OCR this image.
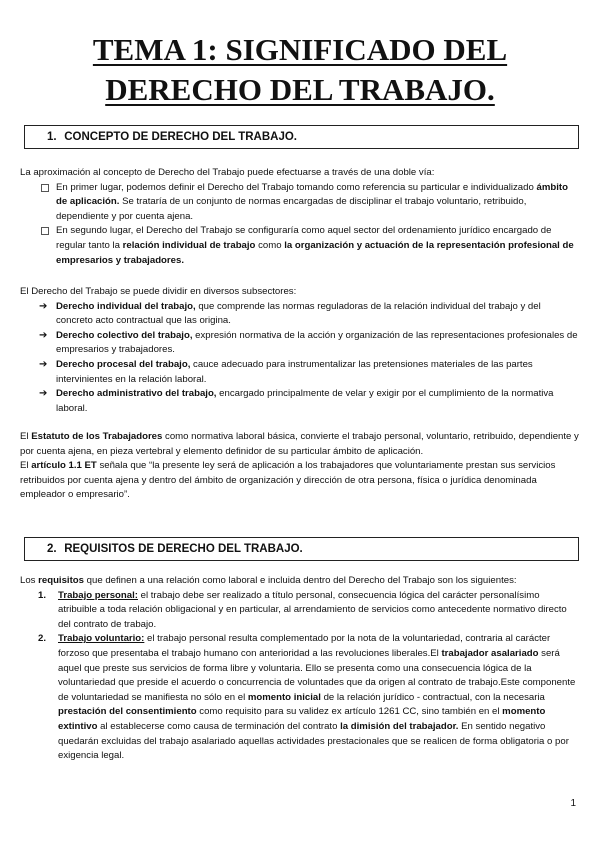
TEMA 1: SIGNIFICADO DEL
DERECHO DEL TRABAJO.
1. CONCEPTO DE DERECHO DEL TRABAJO.

La aproximación al concepto de Derecho del Trabajo puede efectuarse a través de una doble vía:

En primer lugar, podemos definir el Derecho del Trabajo tomando como referencia su particular e individualizado ámbito de aplicación. Se trataría de un conjunto de normas encargadas de disciplinar el trabajo voluntario, retribuido, dependiente y por cuenta ajena.

En segundo lugar, el Derecho del Trabajo se configuraría como aquel sector del ordenamiento jurídico encargado de regular tanto la relación individual de trabajo como la organización y actuación de la representación profesional de empresarios y trabajadores.

El Derecho del Trabajo se puede dividir en diversos subsectores:

➔ Derecho individual del trabajo, que comprende las normas reguladoras de la relación individual del trabajo y del concreto acto contractual que las origina.

➔ Derecho colectivo del trabajo, expresión normativa de la acción y organización de las representaciones profesionales de empresarios y trabajadores.

➔ Derecho procesal del trabajo, cauce adecuado para instrumentalizar las pretensiones materiales de las partes intervinientes en la relación laboral.

➔ Derecho administrativo del trabajo, encargado principalmente de velar y exigir por el cumplimiento de la normativa laboral.

El Estatuto de los Trabajadores como normativa laboral básica, convierte el trabajo personal, voluntario, retribuido, dependiente y por cuenta ajena, en pieza vertebral y elemento definidor de su particular ámbito de aplicación.

El artículo 1.1 ET señala que “la presente ley será de aplicación a los trabajadores que voluntariamente prestan sus servicios retribuidos por cuenta ajena y dentro del ámbito de organización y dirección de otra persona, física o jurídica denominada empleador o empresario”.

2. REQUISITOS DE DERECHO DEL TRABAJO.

Los requisitos que definen a una relación como laboral e incluida dentro del Derecho del Trabajo son los siguientes:

1. Trabajo personal: el trabajo debe ser realizado a título personal, consecuencia lógica del carácter personalísimo atribuible a toda relación obligacional y en particular, al arrendamiento de servicios como antecedente normativo directo del contrato de trabajo.

2. Trabajo voluntario: el trabajo personal resulta complementado por la nota de la voluntariedad, contraria al carácter forzoso que presentaba el trabajo humano con anterioridad a las revoluciones liberales.El trabajador asalariado será aquel que preste sus servicios de forma libre y voluntaria. Ello se presenta como una consecuencia lógica de la voluntariedad que preside el acuerdo o concurrencia de voluntades que da origen al contrato de trabajo.Este componente de voluntariedad se manifiesta no sólo en el momento inicial de la relación jurídico - contractual, con la necesaria prestación del consentimiento como requisito para su validez ex artículo 1261 CC, sino también en el momento extintivo al establecerse como causa de terminación del contrato la dimisión del trabajador. En sentido negativo quedarán excluidas del trabajo asalariado aquellas actividades prestacionales que se realicen de forma obligatoria o por exigencia legal.

1
